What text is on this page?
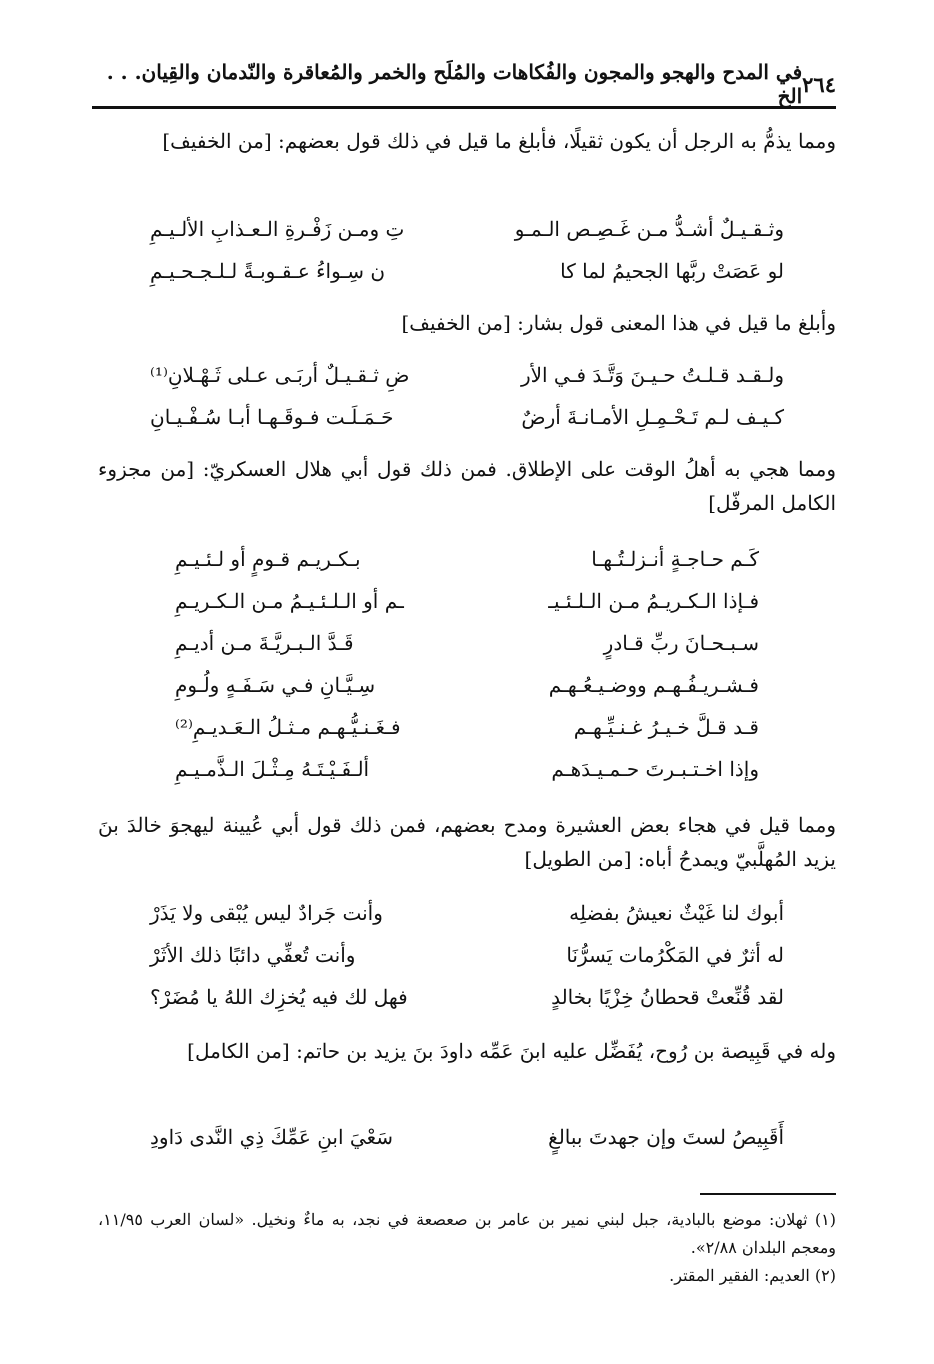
٢٦٤
في المدح والهجو والمجون والفُكاهات والمُلَح والخمر والمُعاقرة والنّدمان والقِيان. . . الخ
ومما يذمُّ به الرجل أن يكون ثقيلًا، فأبلغ ما قيل في ذلك قول بعضهم: [من الخفيف]
وثـقـيـلٌ أشـدُّ مـن غَـصِـص الـمـو
تِ ومـن زَفْـرةِ الـعـذابِ الألـيـمِ
لو عَصَتْ ربَّها الجحيمُ لما كا
ن سِـواءُ عـقـوبـةً لـلـجـحـيـمِ
وأبلغ ما قيل في هذا المعنى قول بشار: [من الخفيف]
ولـقـد قـلـتُ حـيـنَ وَتَّـدَ فـي الأر
ضِ ثـقـيـلٌ أربَـى عـلى ثَـهْـلانِ⁽¹⁾
كـيـف لـم تَـحْـمِـلِ الأمـانـةَ أرضٌ
حَـمَـلَـت فـوقَـهـا أبـا سُـفْـيـانِ
ومما هجي به أهلُ الوقت على الإطلاق. فمن ذلك قول أبي هلال العسكريّ: [من مجزوء الكامل المرفّل]
كَـم حـاجـةٍ أنـزلـتُـهـا
بـكـريـم قـومٍ أو لـئـيـمِ
فـإذا الـكـريـمُ مـن الـلـئـيـ
ـم أو الـلـئـيـمُ مـن الـكـريـمِ
سـبـحـانَ ربِّ قـادرٍ
قَـدَّ الـبـريَّـةَ مـن أديـمِ
فـشـريـفُـهـم ووضـيـعُـهـم
سِـيَّـانِ فـي سَـفَـهٍ ولُـومِ
قـد قـلَّ خـيـرُ غـنـيِّـهـم
فـغَـنـيُّـهـم مـثـلُ الـعَـديـمِ⁽²⁾
وإذا اخـتـبـرتَ حـمـيـدَهـم
ألـفَـيْـتَـهُ مِـثْـلَ الـذَّمـيـمِ
ومما قيل في هجاء بعض العشيرة ومدح بعضهم، فمن ذلك قول أبي عُيينة ليهجوَ خالدَ بنَ يزيد المُهلَّبيّ ويمدحُ أباه: [من الطويل]
أبوك لنا غَيْثٌ نعيشُ بفضلِه
وأنت جَرادٌ ليس يُبْقى ولا يَذَرْ
له أثرٌ في المَكْرُمات يَسرُّنَا
وأنت تُعفِّي دائبًا ذلك الأثَرْ
لقد قُنِّعتْ قحطانُ خِزْيًا بخالدٍ
فهل لك فيه يُخزِك اللهُ يا مُضَرْ؟
وله في قَبِيصة بن رُوح، يُفَضِّل عليه ابنَ عَمِّه داودَ بنَ يزيد بن حاتم: [من الكامل]
أَقَبِيصُ لستَ وإن جهدتَ ببالغٍ
سَعْيَ ابنِ عَمِّكَ ذِي النَّدى دَاودِ
(١) ثهلان: موضع بالبادية، جبل لبني نمير بن عامر بن صعصعة في نجد، به ماءٌ ونخيل. «لسان العرب ١١/٩٥، ومعجم البلدان ٢/٨٨».
(٢) العديم: الفقير المقتر.
